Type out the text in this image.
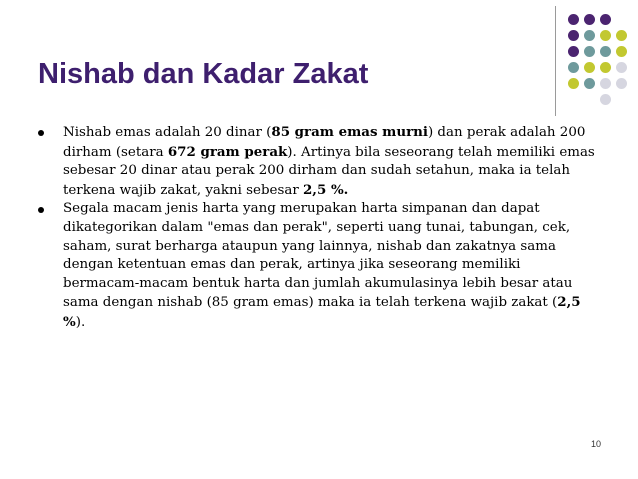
Nishab dan Kadar Zakat
Nishab emas adalah 20 dinar (85 gram emas murni) dan perak adalah 200 dirham (setara 672 gram perak). Artinya bila seseorang telah memiliki emas sebesar 20 dinar atau perak 200 dirham dan sudah setahun, maka ia telah terkena wajib zakat, yakni sebesar 2,5 %.
Segala macam jenis harta yang merupakan harta simpanan dan dapat dikategorikan dalam "emas dan perak", seperti uang tunai, tabungan, cek, saham, surat berharga ataupun yang lainnya, nishab dan zakatnya sama dengan ketentuan emas dan perak, artinya jika seseorang memiliki bermacam-macam bentuk harta dan jumlah akumulasinya lebih besar atau sama dengan nishab (85 gram emas) maka ia telah terkena wajib zakat (2,5 %).
10
